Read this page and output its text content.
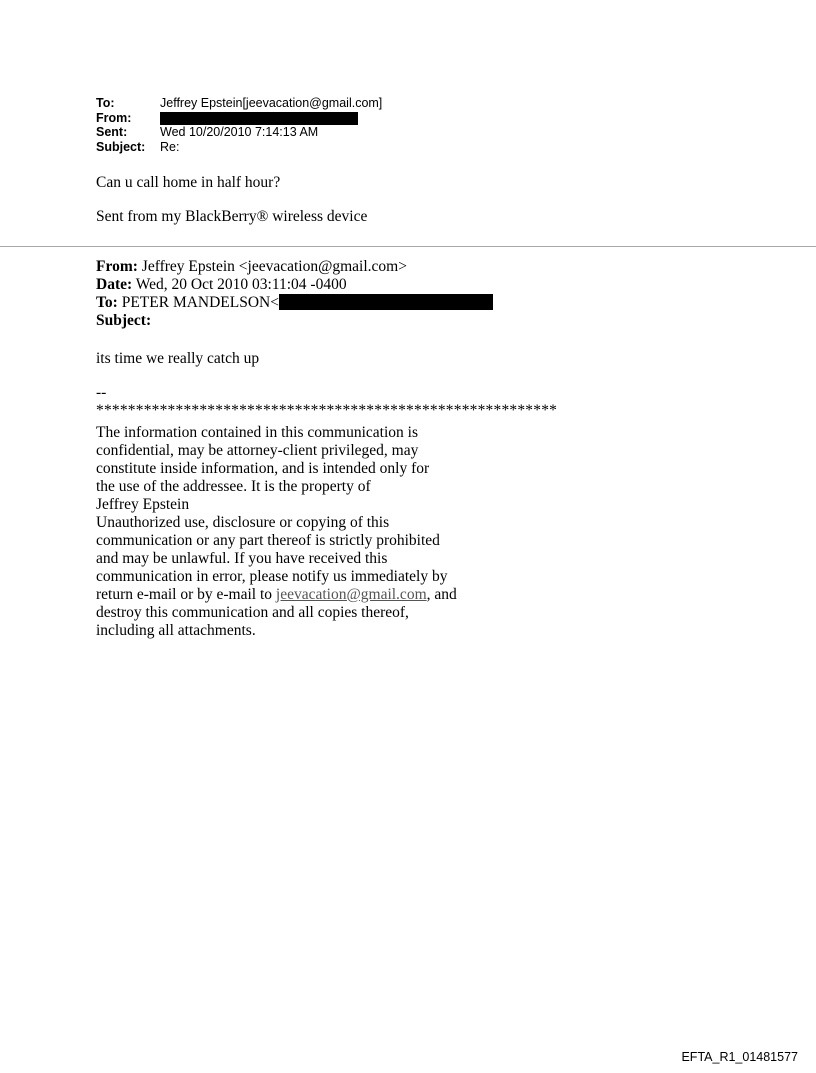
To:	Jeffrey Epstein[jeevacation@gmail.com]
From:
Sent:	Wed 10/20/2010 7:14:13 AM
Subject:	Re:
Can u call home in half hour?
Sent from my BlackBerry® wireless device
From: Jeffrey Epstein <jeevacation@gmail.com>
Date: Wed, 20 Oct 2010 03:11:04 -0400
To: PETER MANDELSON<
Subject:
its time we really catch up
--
**********************************************************
The information contained in this communication is
confidential, may be attorney-client privileged, may
constitute inside information, and is intended only for
the use of the addressee. It is the property of
Jeffrey Epstein
Unauthorized use, disclosure or copying of this
communication or any part thereof is strictly prohibited
and may be unlawful. If you have received this
communication in error, please notify us immediately by
return e-mail or by e-mail to jeevacation@gmail.com, and
destroy this communication and all copies thereof,
including all attachments.
EFTA_R1_01481577
